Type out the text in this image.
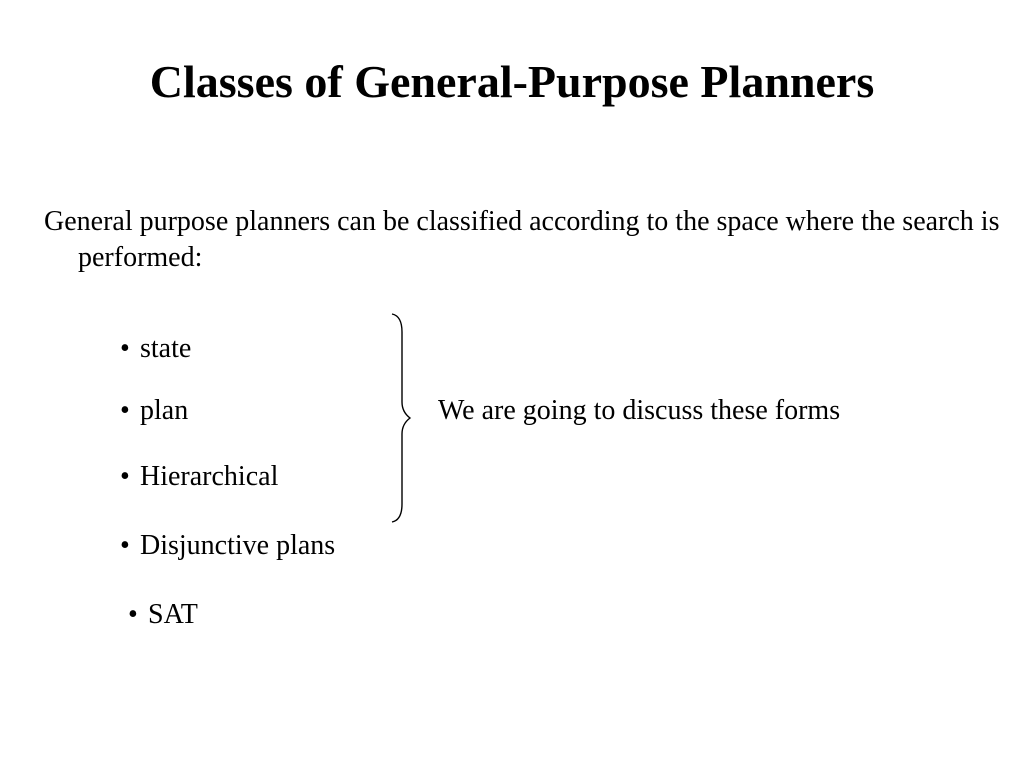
Classes of General-Purpose Planners

General purpose planners can be classified according to the space where the search is performed:

• state
• plan
• Hierarchical
• Disjunctive plans
• SAT
We are going to discuss these forms
